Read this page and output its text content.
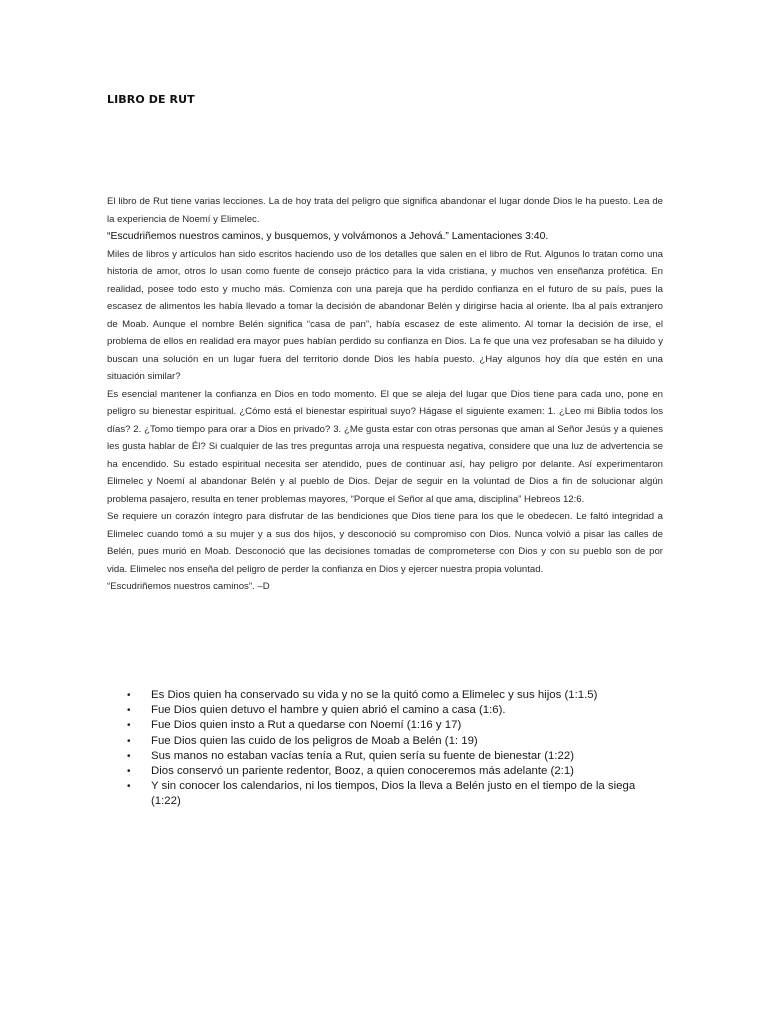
LIBRO DE RUT

El libro de Rut tiene varias lecciones. La de hoy trata del peligro que significa abandonar el lugar donde Dios le ha puesto. Lea de la experiencia de Noemí y Elimelec.

“Escudriñemos nuestros caminos, y busquemos, y volvámonos a Jehová.” Lamentaciones 3:40.

Miles de libros y artículos han sido escritos haciendo uso de los detalles que salen en el libro de Rut. Algunos lo tratan como una historia de amor, otros lo usan como fuente de consejo práctico para la vida cristiana, y muchos ven enseñanza profética. En realidad, posee todo esto y mucho más. Comienza con una pareja que ha perdido confianza en el futuro de su país, pues la escasez de alimentos les había llevado a tomar la decisión de abandonar Belén y dirigirse hacia al oriente. Iba al país extranjero de Moab. Aunque el nombre Belén significa “casa de pan”, había escasez de este alimento. Al tomar la decisión de irse, el problema de ellos en realidad era mayor pues habían perdido su confianza en Dios. La fe que una vez profesaban se ha diluido y buscan una solución en un lugar fuera del territorio donde Dios les había puesto. ¿Hay algunos hoy día que estén en una situación similar?

Es esencial mantener la confianza en Dios en todo momento. El que se aleja del lugar que Dios tiene para cada uno, pone en peligro su bienestar espiritual. ¿Cómo está el bienestar espiritual suyo? Hágase el siguiente examen: 1. ¿Leo mi Biblia todos los días? 2. ¿Tomo tiempo para orar a Dios en privado? 3. ¿Me gusta estar con otras personas que aman al Señor Jesús y a quienes les gusta hablar de Él? Si cualquier de las tres preguntas arroja una respuesta negativa, considere que una luz de advertencia se ha encendido. Su estado espiritual necesita ser atendido, pues de continuar así, hay peligro por delante. Así experimentaron Elimelec y Noemí al abandonar Belén y al pueblo de Dios. Dejar de seguir en la voluntad de Dios a fin de solucionar algún problema pasajero, resulta en tener problemas mayores, “Porque el Señor al que ama, disciplina” Hebreos 12:6.

Se requiere un corazón íntegro para disfrutar de las bendiciones que Dios tiene para los que le obedecen. Le faltó integridad a Elimelec cuando tomó a su mujer y a sus dos hijos, y desconoció su compromiso con Dios. Nunca volvió a pisar las calles de Belén, pues murió en Moab. Desconoció que las decisiones tomadas de comprometerse con Dios y con su pueblo son de por vida. Elimelec nos enseña del peligro de perder la confianza en Dios y ejercer nuestra propia voluntad.

“Escudriñemos nuestros caminos”. –D

• Es Dios quien ha conservado su vida y no se la quitó como a Elimelec y sus hijos (1:1.5)
• Fue Dios quien detuvo el hambre y quien abrió el camino a casa (1:6).
• Fue Dios quien insto a Rut a quedarse con Noemí (1:16 y 17)
• Fue Dios quien las cuido de los peligros de Moab a Belén (1: 19)
• Sus manos no estaban vacías tenía a Rut, quien sería su fuente de bienestar (1:22)
• Dios conservó un pariente redentor, Booz, a quien conoceremos más adelante (2:1)
• Y sin conocer los calendarios, ni los tiempos, Dios la lleva a Belén justo en el tiempo de la siega (1:22)
